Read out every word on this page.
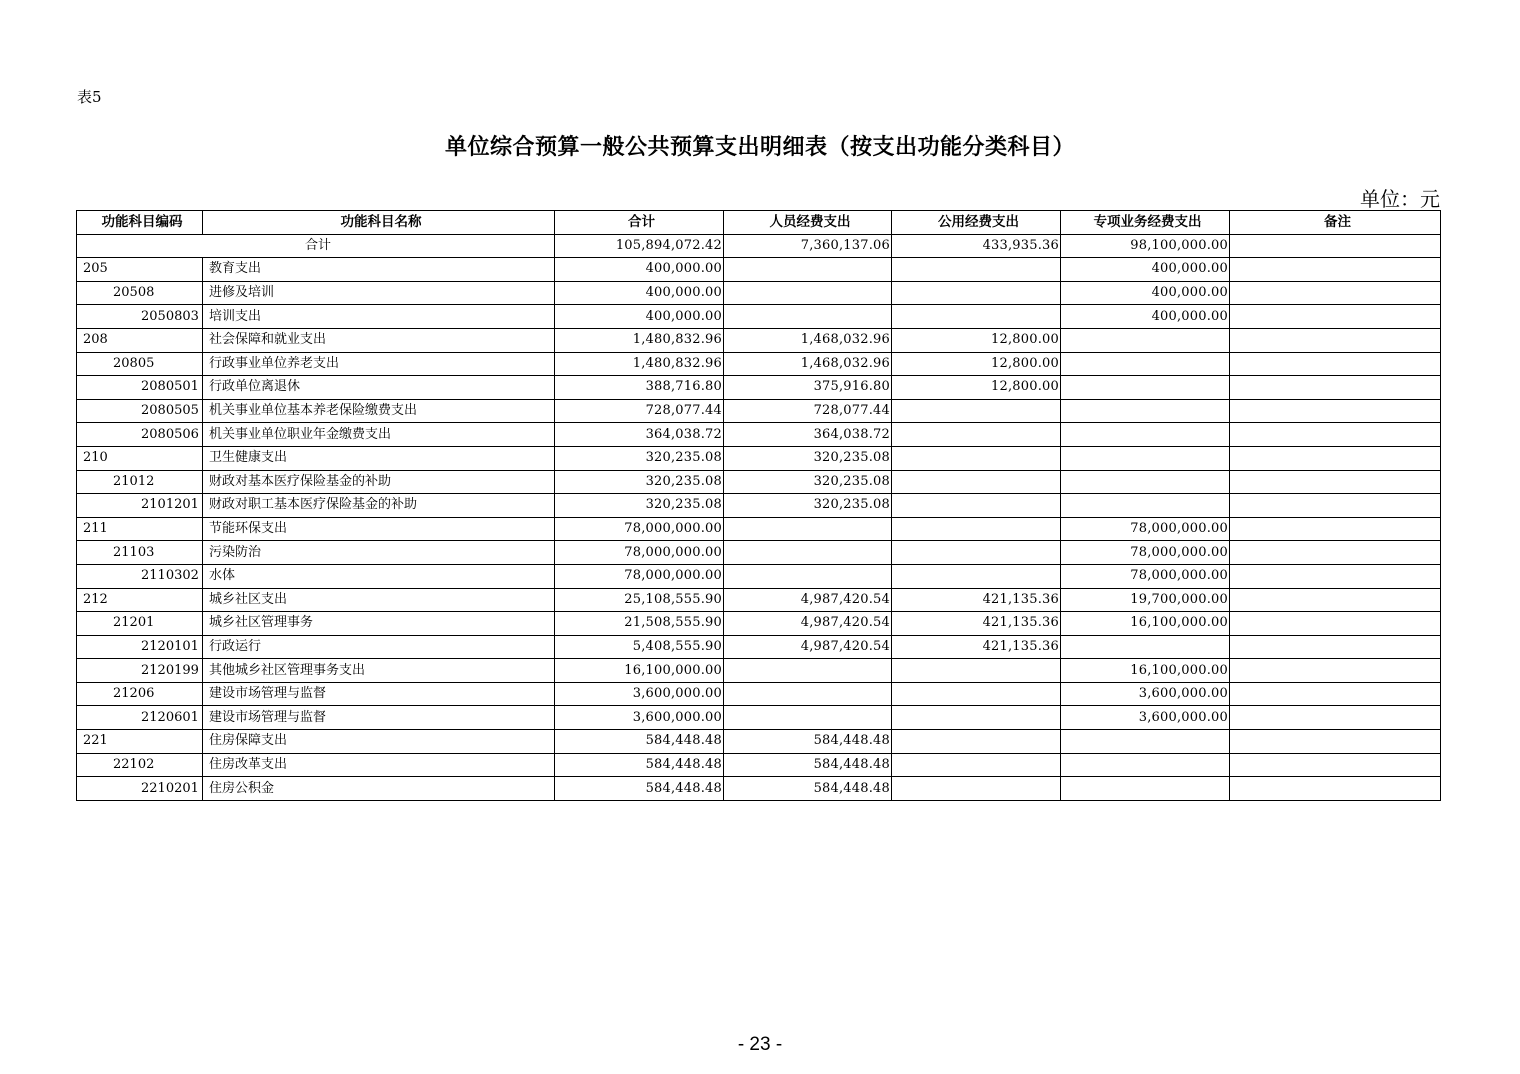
表5
单位综合预算一般公共预算支出明细表（按支出功能分类科目）
单位：元
功能科目编码	功能科目名称	合计	人员经费支出	公用经费支出	专项业务经费支出	备注
合计		105,894,072.42	7,360,137.06	433,935.36	98,100,000.00	
205	教育支出	400,000.00			400,000.00	
20508	进修及培训	400,000.00			400,000.00	
2050803	培训支出	400,000.00			400,000.00	
208	社会保障和就业支出	1,480,832.96	1,468,032.96	12,800.00		
20805	行政事业单位养老支出	1,480,832.96	1,468,032.96	12,800.00		
2080501	行政单位离退休	388,716.80	375,916.80	12,800.00		
2080505	机关事业单位基本养老保险缴费支出	728,077.44	728,077.44			
2080506	机关事业单位职业年金缴费支出	364,038.72	364,038.72			
210	卫生健康支出	320,235.08	320,235.08			
21012	财政对基本医疗保险基金的补助	320,235.08	320,235.08			
2101201	财政对职工基本医疗保险基金的补助	320,235.08	320,235.08			
211	节能环保支出	78,000,000.00			78,000,000.00	
21103	污染防治	78,000,000.00			78,000,000.00	
2110302	水体	78,000,000.00			78,000,000.00	
212	城乡社区支出	25,108,555.90	4,987,420.54	421,135.36	19,700,000.00	
21201	城乡社区管理事务	21,508,555.90	4,987,420.54	421,135.36	16,100,000.00	
2120101	行政运行	5,408,555.90	4,987,420.54	421,135.36		
2120199	其他城乡社区管理事务支出	16,100,000.00			16,100,000.00	
21206	建设市场管理与监督	3,600,000.00			3,600,000.00	
2120601	建设市场管理与监督	3,600,000.00			3,600,000.00	
221	住房保障支出	584,448.48	584,448.48			
22102	住房改革支出	584,448.48	584,448.48			
2210201	住房公积金	584,448.48	584,448.48			
- 23 -
